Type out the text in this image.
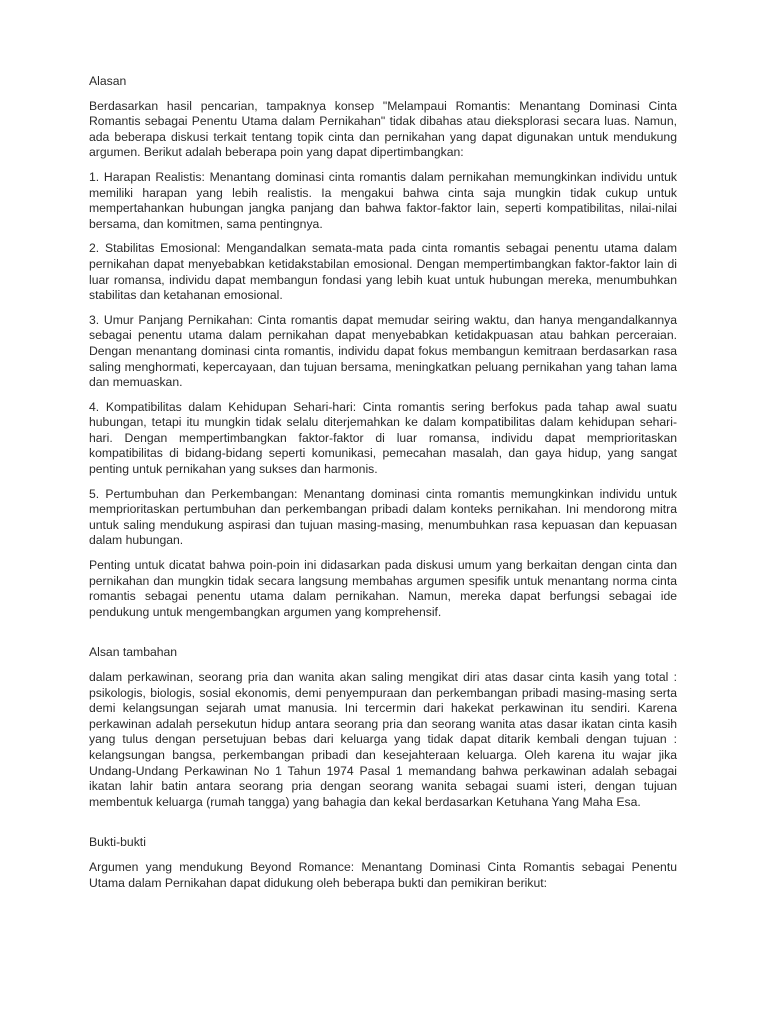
Alasan

Berdasarkan hasil pencarian, tampaknya konsep "Melampaui Romantis: Menantang Dominasi Cinta Romantis sebagai Penentu Utama dalam Pernikahan" tidak dibahas atau dieksplorasi secara luas. Namun, ada beberapa diskusi terkait tentang topik cinta dan pernikahan yang dapat digunakan untuk mendukung argumen. Berikut adalah beberapa poin yang dapat dipertimbangkan:

1. Harapan Realistis: Menantang dominasi cinta romantis dalam pernikahan memungkinkan individu untuk memiliki harapan yang lebih realistis. Ia mengakui bahwa cinta saja mungkin tidak cukup untuk mempertahankan hubungan jangka panjang dan bahwa faktor-faktor lain, seperti kompatibilitas, nilai-nilai bersama, dan komitmen, sama pentingnya.

2. Stabilitas Emosional: Mengandalkan semata-mata pada cinta romantis sebagai penentu utama dalam pernikahan dapat menyebabkan ketidakstabilan emosional. Dengan mempertimbangkan faktor-faktor lain di luar romansa, individu dapat membangun fondasi yang lebih kuat untuk hubungan mereka, menumbuhkan stabilitas dan ketahanan emosional.

3. Umur Panjang Pernikahan: Cinta romantis dapat memudar seiring waktu, dan hanya mengandalkannya sebagai penentu utama dalam pernikahan dapat menyebabkan ketidakpuasan atau bahkan perceraian. Dengan menantang dominasi cinta romantis, individu dapat fokus membangun kemitraan berdasarkan rasa saling menghormati, kepercayaan, dan tujuan bersama, meningkatkan peluang pernikahan yang tahan lama dan memuaskan.

4. Kompatibilitas dalam Kehidupan Sehari-hari: Cinta romantis sering berfokus pada tahap awal suatu hubungan, tetapi itu mungkin tidak selalu diterjemahkan ke dalam kompatibilitas dalam kehidupan sehari-hari. Dengan mempertimbangkan faktor-faktor di luar romansa, individu dapat memprioritaskan kompatibilitas di bidang-bidang seperti komunikasi, pemecahan masalah, dan gaya hidup, yang sangat penting untuk pernikahan yang sukses dan harmonis.

5. Pertumbuhan dan Perkembangan: Menantang dominasi cinta romantis memungkinkan individu untuk memprioritaskan pertumbuhan dan perkembangan pribadi dalam konteks pernikahan. Ini mendorong mitra untuk saling mendukung aspirasi dan tujuan masing-masing, menumbuhkan rasa kepuasan dan kepuasan dalam hubungan.

Penting untuk dicatat bahwa poin-poin ini didasarkan pada diskusi umum yang berkaitan dengan cinta dan pernikahan dan mungkin tidak secara langsung membahas argumen spesifik untuk menantang norma cinta romantis sebagai penentu utama dalam pernikahan. Namun, mereka dapat berfungsi sebagai ide pendukung untuk mengembangkan argumen yang komprehensif.

Alsan tambahan

dalam perkawinan, seorang pria dan wanita akan saling mengikat diri atas dasar cinta kasih yang total : psikologis, biologis, sosial ekonomis, demi penyempuraan dan perkembangan pribadi masing-masing serta demi kelangsungan sejarah umat manusia. Ini tercermin dari hakekat perkawinan itu sendiri. Karena perkawinan adalah persekutun hidup antara seorang pria dan seorang wanita atas dasar ikatan cinta kasih yang tulus dengan persetujuan bebas dari keluarga yang tidak dapat ditarik kembali dengan tujuan : kelangsungan bangsa, perkembangan pribadi dan kesejahteraan keluarga. Oleh karena itu wajar jika Undang-Undang Perkawinan No 1 Tahun 1974 Pasal 1 memandang bahwa perkawinan adalah sebagai ikatan lahir batin antara seorang pria dengan seorang wanita sebagai suami isteri, dengan tujuan membentuk keluarga (rumah tangga) yang bahagia dan kekal berdasarkan Ketuhana Yang Maha Esa.

Bukti-bukti

Argumen yang mendukung Beyond Romance: Menantang Dominasi Cinta Romantis sebagai Penentu Utama dalam Pernikahan dapat didukung oleh beberapa bukti dan pemikiran berikut:
